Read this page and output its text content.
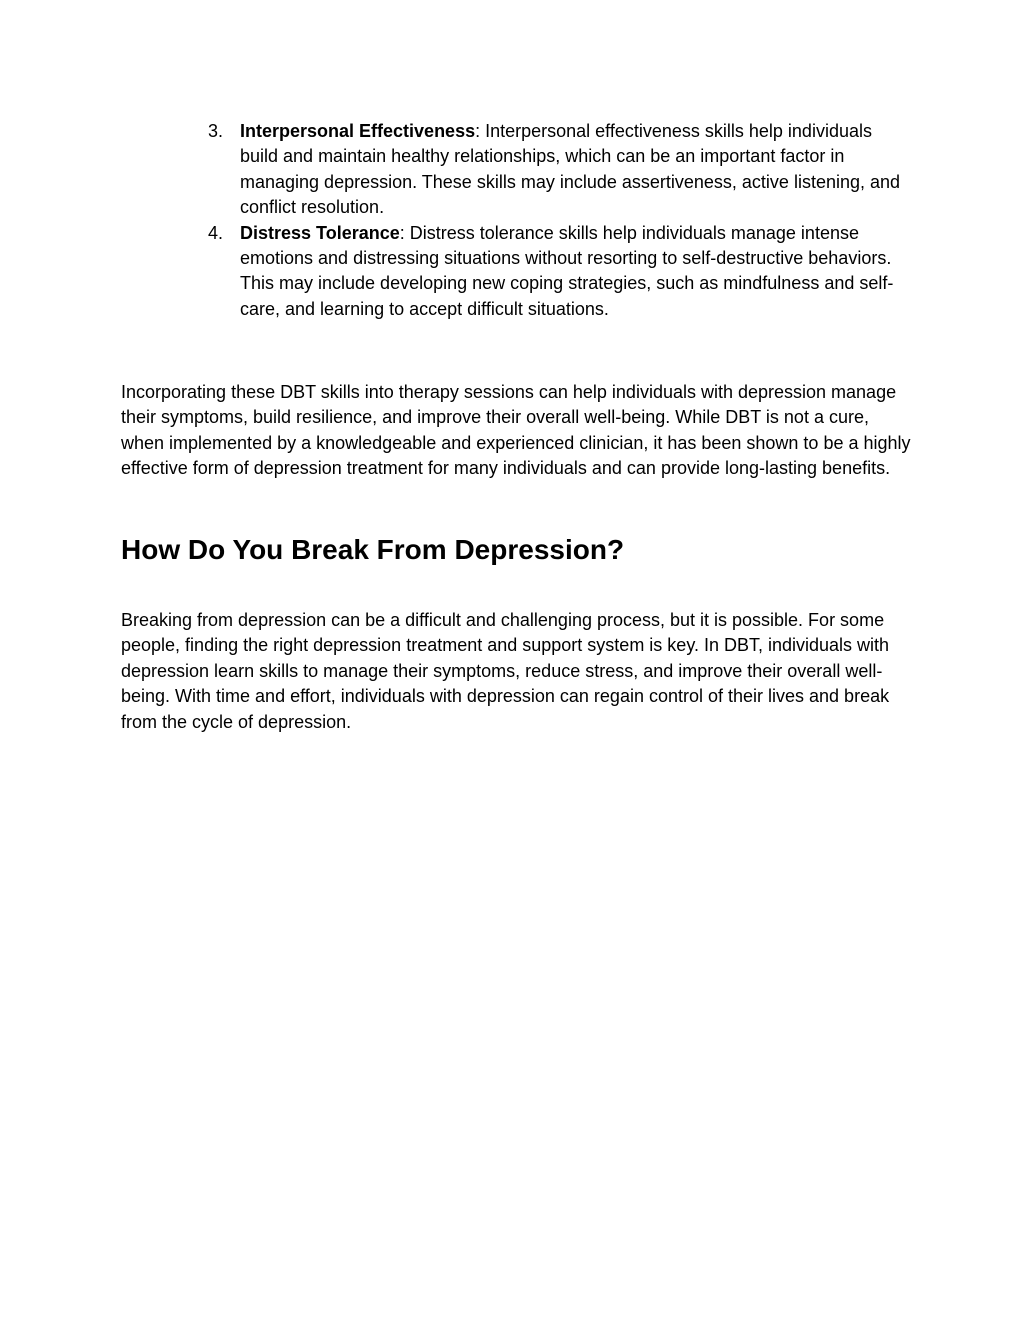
3. Interpersonal Effectiveness: Interpersonal effectiveness skills help individuals build and maintain healthy relationships, which can be an important factor in managing depression. These skills may include assertiveness, active listening, and conflict resolution.
4. Distress Tolerance: Distress tolerance skills help individuals manage intense emotions and distressing situations without resorting to self-destructive behaviors. This may include developing new coping strategies, such as mindfulness and self-care, and learning to accept difficult situations.

Incorporating these DBT skills into therapy sessions can help individuals with depression manage their symptoms, build resilience, and improve their overall well-being. While DBT is not a cure, when implemented by a knowledgeable and experienced clinician, it has been shown to be a highly effective form of depression treatment for many individuals and can provide long-lasting benefits.

How Do You Break From Depression?

Breaking from depression can be a difficult and challenging process, but it is possible. For some people, finding the right depression treatment and support system is key. In DBT, individuals with depression learn skills to manage their symptoms, reduce stress, and improve their overall well-being. With time and effort, individuals with depression can regain control of their lives and break from the cycle of depression.
